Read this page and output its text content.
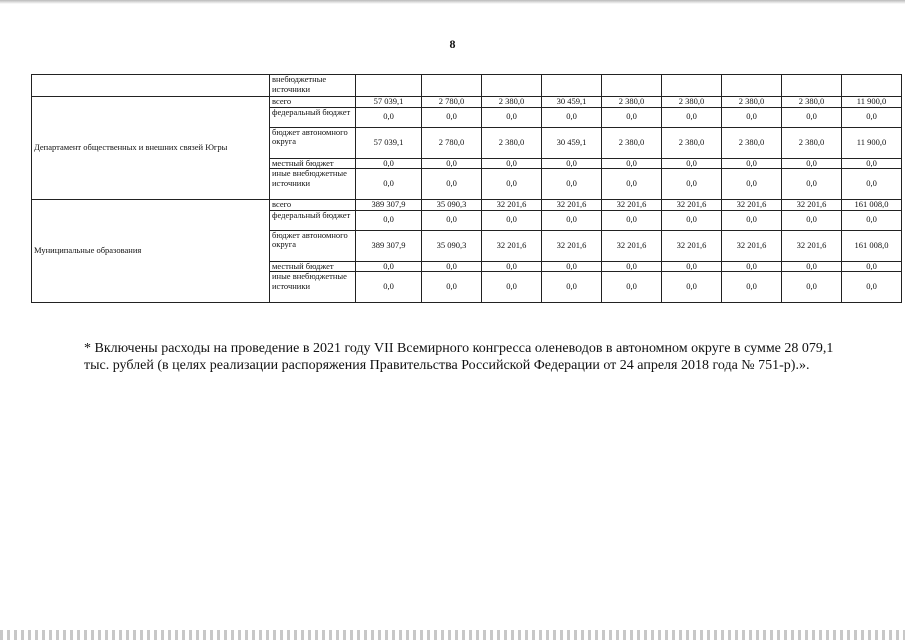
8
	внебюджетные источники									
Департамент общественных и внешних связей Югры	всего	57 039,1	2 780,0	2 380,0	30 459,1	2 380,0	2 380,0	2 380,0	2 380,0	11 900,0
	федеральный бюджет	0,0	0,0	0,0	0,0	0,0	0,0	0,0	0,0	0,0
	бюджет автономного округа	57 039,1	2 780,0	2 380,0	30 459,1	2 380,0	2 380,0	2 380,0	2 380,0	11 900,0
	местный бюджет	0,0	0,0	0,0	0,0	0,0	0,0	0,0	0,0	0,0
	иные внебюджетные источники	0,0	0,0	0,0	0,0	0,0	0,0	0,0	0,0	0,0
Муниципальные образования	всего	389 307,9	35 090,3	32 201,6	32 201,6	32 201,6	32 201,6	32 201,6	32 201,6	161 008,0
	федеральный бюджет	0,0	0,0	0,0	0,0	0,0	0,0	0,0	0,0	0,0
	бюджет автономного округа	389 307,9	35 090,3	32 201,6	32 201,6	32 201,6	32 201,6	32 201,6	32 201,6	161 008,0
	местный бюджет	0,0	0,0	0,0	0,0	0,0	0,0	0,0	0,0	0,0
	иные внебюджетные источники	0,0	0,0	0,0	0,0	0,0	0,0	0,0	0,0	0,0
* Включены расходы на проведение в 2021 году VII Всемирного конгресса оленеводов в автономном округе в сумме 28 079,1 тыс. рублей (в целях реализации распоряжения Правительства Российской Федерации от 24 апреля 2018 года № 751-р).».
